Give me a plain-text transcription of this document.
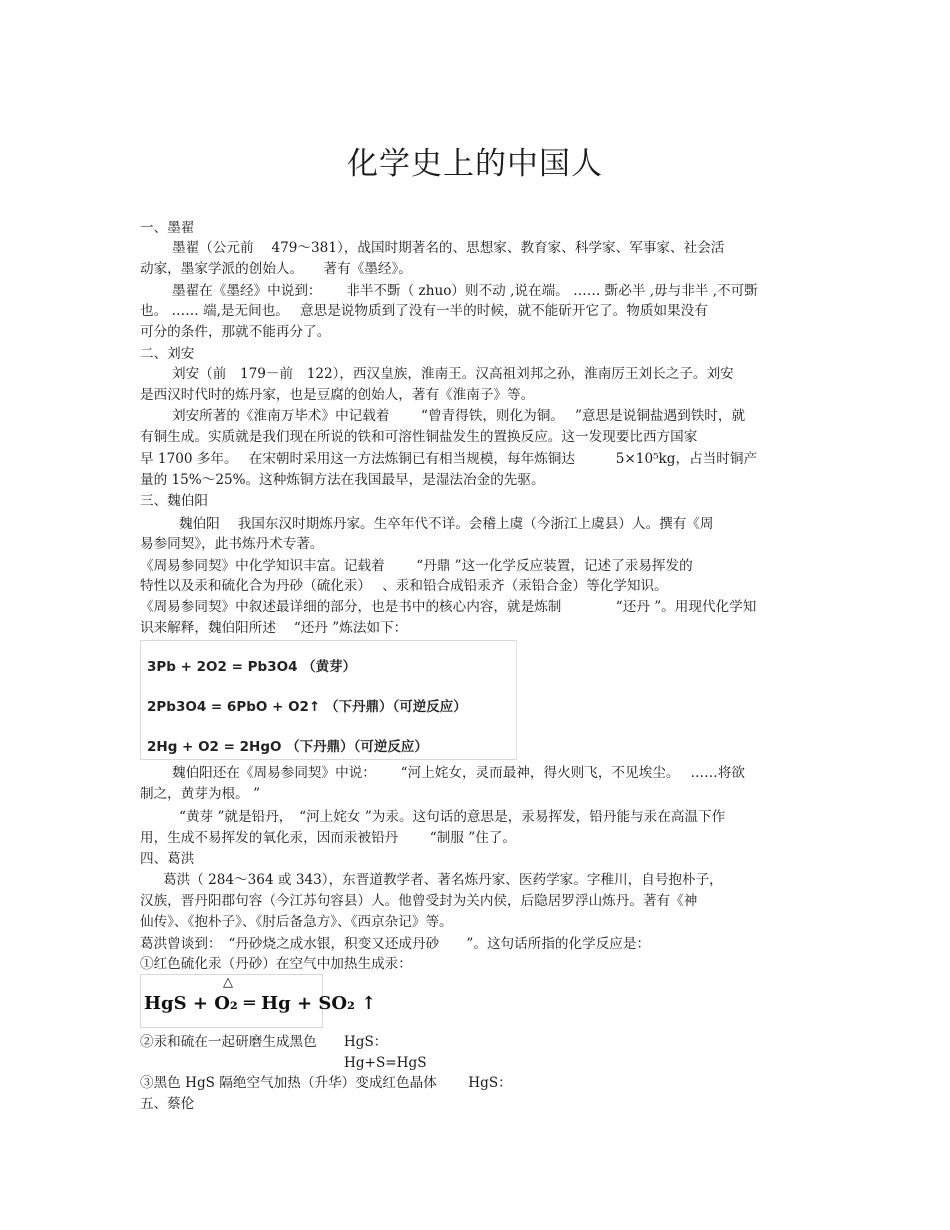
化学史上的中国人
一、墨翟
墨翟（公元前　 479～381），战国时期著名的、思想家、教育家、科学家、军事家、社会活
动家，墨家学派的创始人。　　著有《墨经》。
墨翟在《墨经》中说到：　　 非半不斲（ zhuo）则不动 ,说在端。 …… 斲必半 ,毋与非半 ,不可斲
也。 …… 端,是无间也。　 意思是说物质到了没有一半的时候，就不能斫开它了。物质如果没有
可分的条件，那就不能再分了。
二、刘安
刘安（前　179－前　122），西汉皇族，淮南王。汉高祖刘邦之孙，淮南厉王刘长之子。刘安
是西汉时代时的炼丹家，也是豆腐的创始人，著有《淮南子》等。
刘安所著的《淮南万毕术》中记载着　　 “曾青得铁，则化为铜。　 ”意思是说铜盐遇到铁时，就
有铜生成。实质就是我们现在所说的铁和可溶性铜盐发生的置换反应。这一发现要比西方国家
早 1700 多年。　 在宋朝时采用这一方法炼铜已有相当规模，每年炼铜达　　　5×10⁵kg，占当时铜产
量的 15%～25%。这种炼铜方法在我国最早，是湿法冶金的先驱。
三、魏伯阳
魏伯阳　 我国东汉时期炼丹家。生卒年代不详。会稽上虞（今浙江上虞县）人。撰有《周
易参同契》，此书炼丹术专著。
《周易参同契》中化学知识丰富。记载着　　 “丹鼎 ”这一化学反应装置，记述了汞易挥发的
特性以及汞和硫化合为丹砂（硫化汞）　 、汞和铅合成铅汞齐（汞铅合金）等化学知识。
《周易参同契》中叙述最详细的部分，也是书中的核心内容，就是炼制　　　　“还丹 ”。用现代化学知
识来解释，魏伯阳所述　 “还丹 ”炼法如下：
魏伯阳还在《周易参同契》中说：　　 “河上姹女，灵而最神，得火则飞，不见埃尘。　 ……将欲
制之，黄芽为根。 ”
“黄芽 ”就是铅丹，　“河上姹女 ”为汞。这句话的意思是，汞易挥发，铅丹能与汞在高温下作
用，生成不易挥发的氧化汞，因而汞被铅丹　　 “制服 ”住了。
四、葛洪
葛洪（ 284～364 或 343），东晋道教学者、著名炼丹家、医药学家。字稚川，自号抱朴子，
汉族，晋丹阳郡句容（今江苏句容县）人。他曾受封为关内侯，后隐居罗浮山炼丹。著有《神
仙传》、《抱朴子》、《肘后备急方》、《西京杂记》等。
葛洪曾谈到：　“丹砂烧之成水银，积变又还成丹砂　　”。这句话所指的化学反应是：
①红色硫化汞（丹砂）在空气中加热生成汞：
②汞和硫在一起研磨生成黑色　　HgS：
Hg+S=HgS
③黑色 HgS 隔绝空气加热（升华）变成红色晶体　　 HgS：
五、蔡伦
3Pb + 2O2 = Pb3O4 （黄芽）
2Pb3O4 = 6PbO + O2↑ （下丹鼎）（可逆反应）
2Hg + O2 = 2HgO （下丹鼎）（可逆反应）
△
HgS + O₂ ═ Hg + SO₂ ↑
